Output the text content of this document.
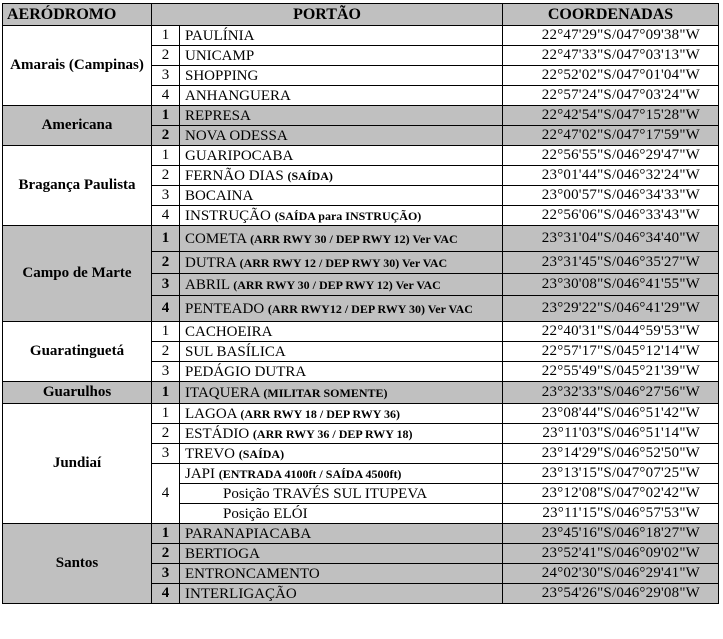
AERÓDROMO	PORTÃO		COORDENADAS
Amarais (Campinas)	1	PAULÍNIA	22°47'29"S/047°09'38"W
	2	UNICAMP	22°47'33"S/047°03'13"W
	3	SHOPPING	22°52'02"S/047°01'04"W
	4	ANHANGUERA	22°57'24"S/047°03'24"W
Americana	1	REPRESA	22°42'54"S/047°15'28"W
	2	NOVA ODESSA	22°47'02"S/047°17'59"W
Bragança Paulista	1	GUARIPOCABA	22°56'55"S/046°29'47"W
	2	FERNÃO DIAS (SAÍDA)	23°01'44"S/046°32'24"W
	3	BOCAINA	23°00'57"S/046°34'33"W
	4	INSTRUÇÃO (SAÍDA para INSTRUÇÃO)	22°56'06"S/046°33'43"W
Campo de Marte	1	COMETA (ARR RWY 30 / DEP RWY 12) Ver VAC	23°31'04"S/046°34'40"W
	2	DUTRA (ARR RWY 12 / DEP RWY 30) Ver VAC	23°31'45"S/046°35'27"W
	3	ABRIL (ARR RWY 30 / DEP RWY 12) Ver VAC	23°30'08"S/046°41'55"W
	4	PENTEADO (ARR RWY12 / DEP RWY 30) Ver VAC	23°29'22"S/046°41'29"W
Guaratinguetá	1	CACHOEIRA	22°40'31"S/044°59'53"W
	2	SUL BASÍLICA	22°57'17"S/045°12'14"W
	3	PEDÁGIO DUTRA	22°55'49"S/045°21'39"W
Guarulhos	1	ITAQUERA (MILITAR SOMENTE)	23°32'33"S/046°27'56"W
Jundiaí	1	LAGOA (ARR RWY 18 / DEP RWY 36)	23°08'44"S/046°51'42"W
	2	ESTÁDIO (ARR RWY 36 / DEP RWY 18)	23°11'03"S/046°51'14"W
	3	TREVO (SAÍDA)	23°14'29"S/046°52'50"W
	4	JAPI (ENTRADA 4100ft / SAÍDA 4500ft)	23°13'15"S/047°07'25"W
		Posição TRAVÉS SUL ITUPEVA	23°12'08"S/047°02'42"W
		Posição ELÓI	23°11'15"S/046°57'53"W
Santos	1	PARANAPIACABA	23°45'16"S/046°18'27"W
	2	BERTIOGA	23°52'41"S/046°09'02"W
	3	ENTRONCAMENTO	24°02'30"S/046°29'41"W
	4	INTERLIGAÇÃO	23°54'26"S/046°29'08"W
